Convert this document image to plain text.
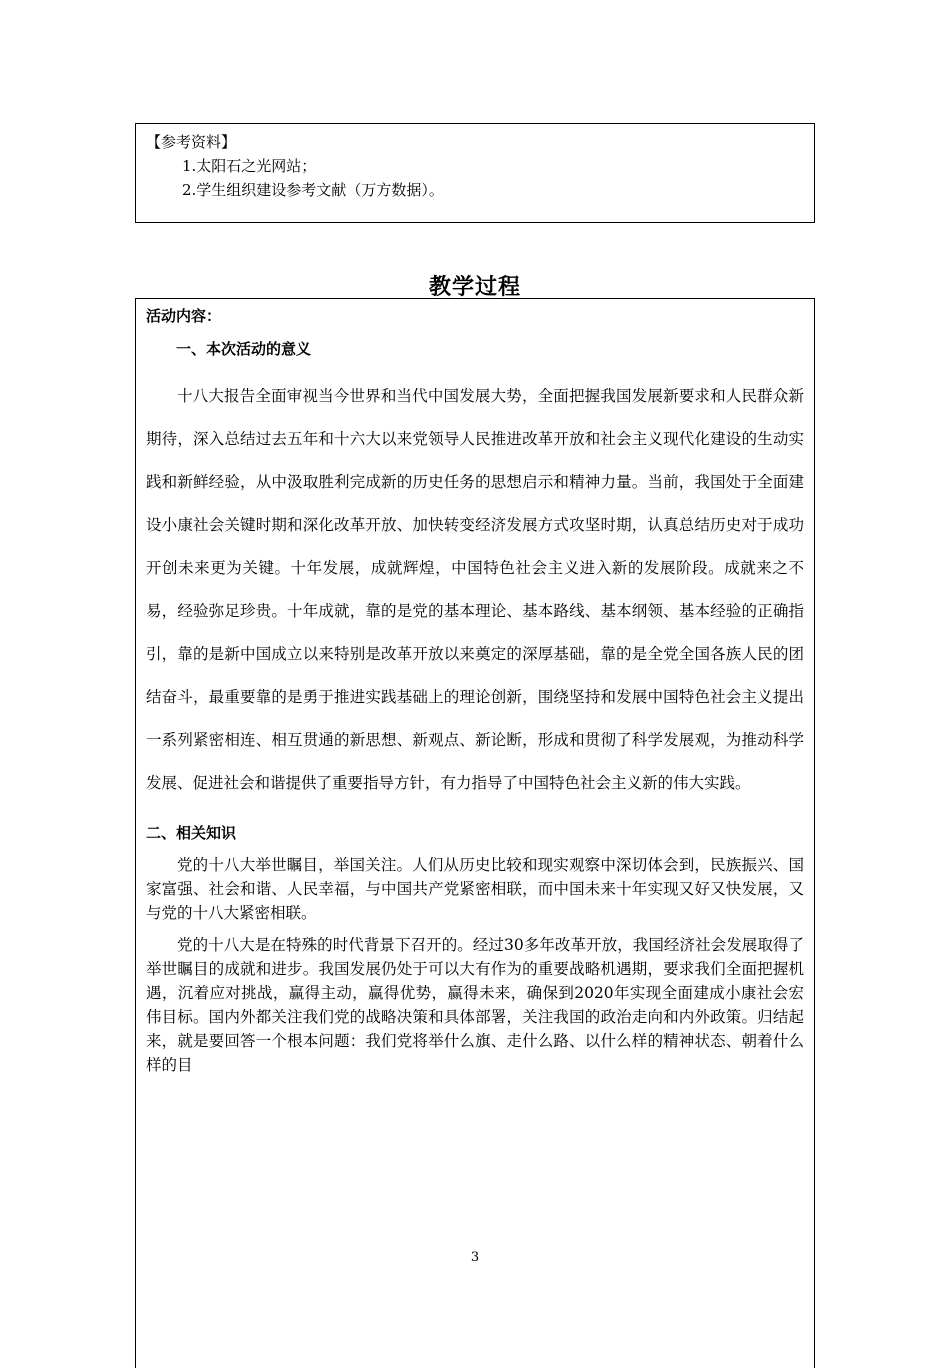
【参考资料】
1.太阳石之光网站；
2.学生组织建设参考文献（万方数据）。
教学过程
活动内容：
一、本次活动的意义
十八大报告全面审视当今世界和当代中国发展大势，全面把握我国发展新要求和人民群众新期待，深入总结过去五年和十六大以来党领导人民推进改革开放和社会主义现代化建设的生动实践和新鲜经验，从中汲取胜利完成新的历史任务的思想启示和精神力量。当前，我国处于全面建设小康社会关键时期和深化改革开放、加快转变经济发展方式攻坚时期，认真总结历史对于成功开创未来更为关键。十年发展，成就辉煌，中国特色社会主义进入新的发展阶段。成就来之不易，经验弥足珍贵。十年成就，靠的是党的基本理论、基本路线、基本纲领、基本经验的正确指引，靠的是新中国成立以来特别是改革开放以来奠定的深厚基础，靠的是全党全国各族人民的团结奋斗，最重要靠的是勇于推进实践基础上的理论创新，围绕坚持和发展中国特色社会主义提出一系列紧密相连、相互贯通的新思想、新观点、新论断，形成和贯彻了科学发展观，为推动科学发展、促进社会和谐提供了重要指导方针，有力指导了中国特色社会主义新的伟大实践。
二、相关知识
党的十八大举世瞩目，举国关注。人们从历史比较和现实观察中深切体会到，民族振兴、国家富强、社会和谐、人民幸福，与中国共产党紧密相联，而中国未来十年实现又好又快发展，又与党的十八大紧密相联。
党的十八大是在特殊的时代背景下召开的。经过30多年改革开放，我国经济社会发展取得了举世瞩目的成就和进步。我国发展仍处于可以大有作为的重要战略机遇期，要求我们全面把握机遇，沉着应对挑战，赢得主动，赢得优势，赢得未来，确保到2020年实现全面建成小康社会宏伟目标。国内外都关注我们党的战略决策和具体部署，关注我国的政治走向和内外政策。归结起来，就是要回答一个根本问题：我们党将举什么旗、走什么路、以什么样的精神状态、朝着什么样的目
3
